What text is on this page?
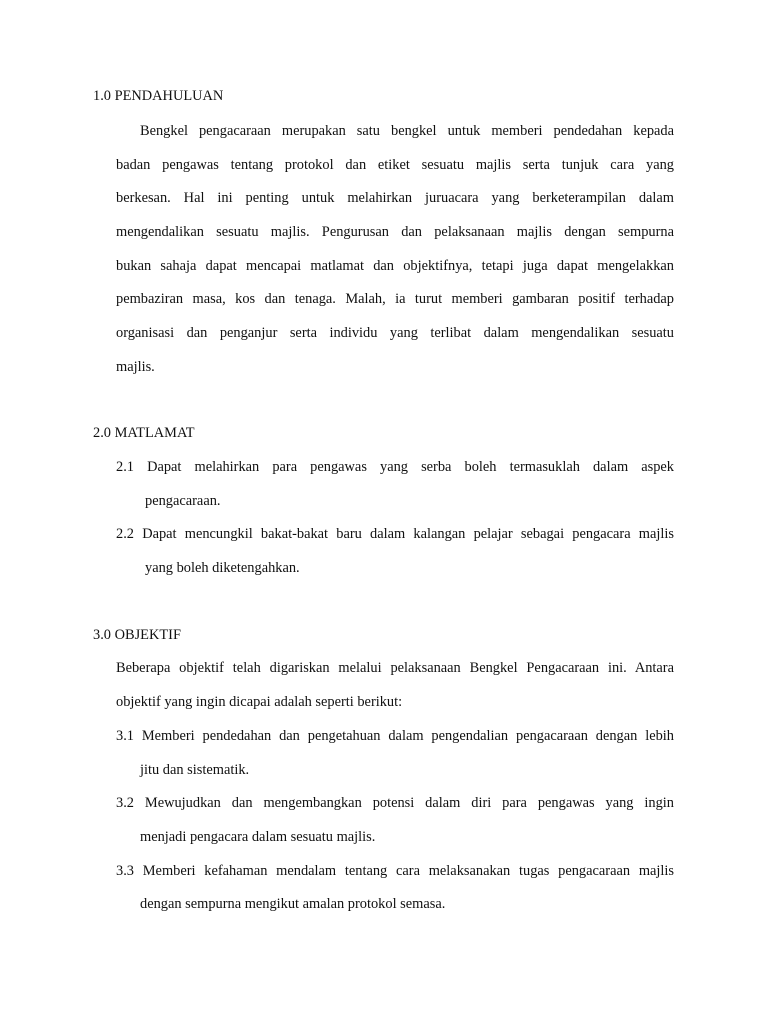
1.0 PENDAHULUAN
Bengkel pengacaraan merupakan satu bengkel untuk memberi pendedahan kepada
badan pengawas tentang protokol dan etiket sesuatu majlis serta tunjuk cara yang
berkesan. Hal ini penting untuk melahirkan juruacara yang berketerampilan dalam
mengendalikan sesuatu majlis. Pengurusan dan pelaksanaan majlis dengan sempurna
bukan sahaja dapat mencapai matlamat dan objektifnya, tetapi juga dapat mengelakkan
pembaziran masa, kos dan tenaga. Malah, ia turut memberi gambaran positif terhadap
organisasi dan penganjur serta individu yang terlibat dalam mengendalikan sesuatu
majlis.
2.0 MATLAMAT
2.1 Dapat melahirkan para pengawas yang serba boleh termasuklah dalam aspek
pengacaraan.
2.2 Dapat mencungkil bakat-bakat baru dalam kalangan pelajar sebagai pengacara majlis
yang boleh diketengahkan.
3.0 OBJEKTIF
Beberapa objektif telah digariskan melalui pelaksanaan Bengkel Pengacaraan ini. Antara
objektif yang ingin dicapai adalah seperti berikut:
3.1 Memberi pendedahan dan pengetahuan dalam pengendalian pengacaraan dengan lebih
jitu dan sistematik.
3.2 Mewujudkan dan mengembangkan potensi dalam diri para pengawas yang ingin
menjadi pengacara dalam sesuatu majlis.
3.3 Memberi kefahaman mendalam tentang cara melaksanakan tugas pengacaraan majlis
dengan sempurna mengikut amalan protokol semasa.
